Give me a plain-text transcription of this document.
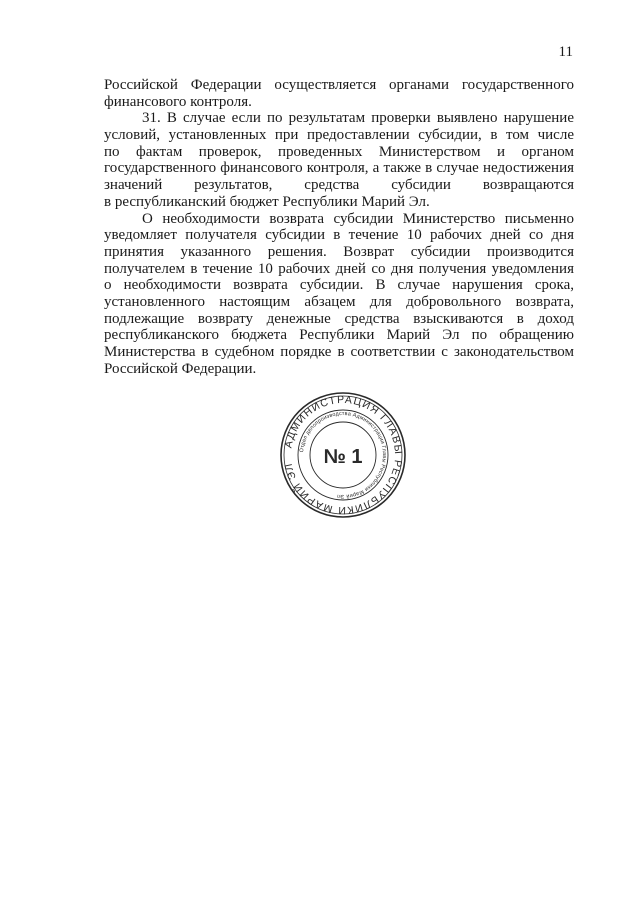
11
Российской Федерации осуществляется органами государственного
финансового контроля.
31. В случае если по результатам проверки выявлено нарушение
условий, установленных при предоставлении субсидии, в том числе
по фактам проверок, проведенных Министерством и органом
государственного финансового контроля, а также в случае недостижения
значений результатов, средства субсидии возвращаются
в республиканский бюджет Республики Марий Эл.
О необходимости возврата субсидии Министерство письменно
уведомляет получателя субсидии в течение 10 рабочих дней со дня
принятия указанного решения. Возврат субсидии производится
получателем в течение 10 рабочих дней со дня получения уведомления
о необходимости возврата субсидии. В случае нарушения срока,
установленного настоящим абзацем для добровольного возврата,
подлежащие возврату денежные средства взыскиваются в доход
республиканского бюджета Республики Марий Эл по обращению
Министерства в судебном порядке в соответствии с законодательством
Российской Федерации.
АДМИНИСТРАЦИЯ ГЛАВЫ РЕСПУБЛИКИ МАРИЙ ЭЛ
Отдел делопроизводства Администрации Главы Республики Марий Эл
№ 1
